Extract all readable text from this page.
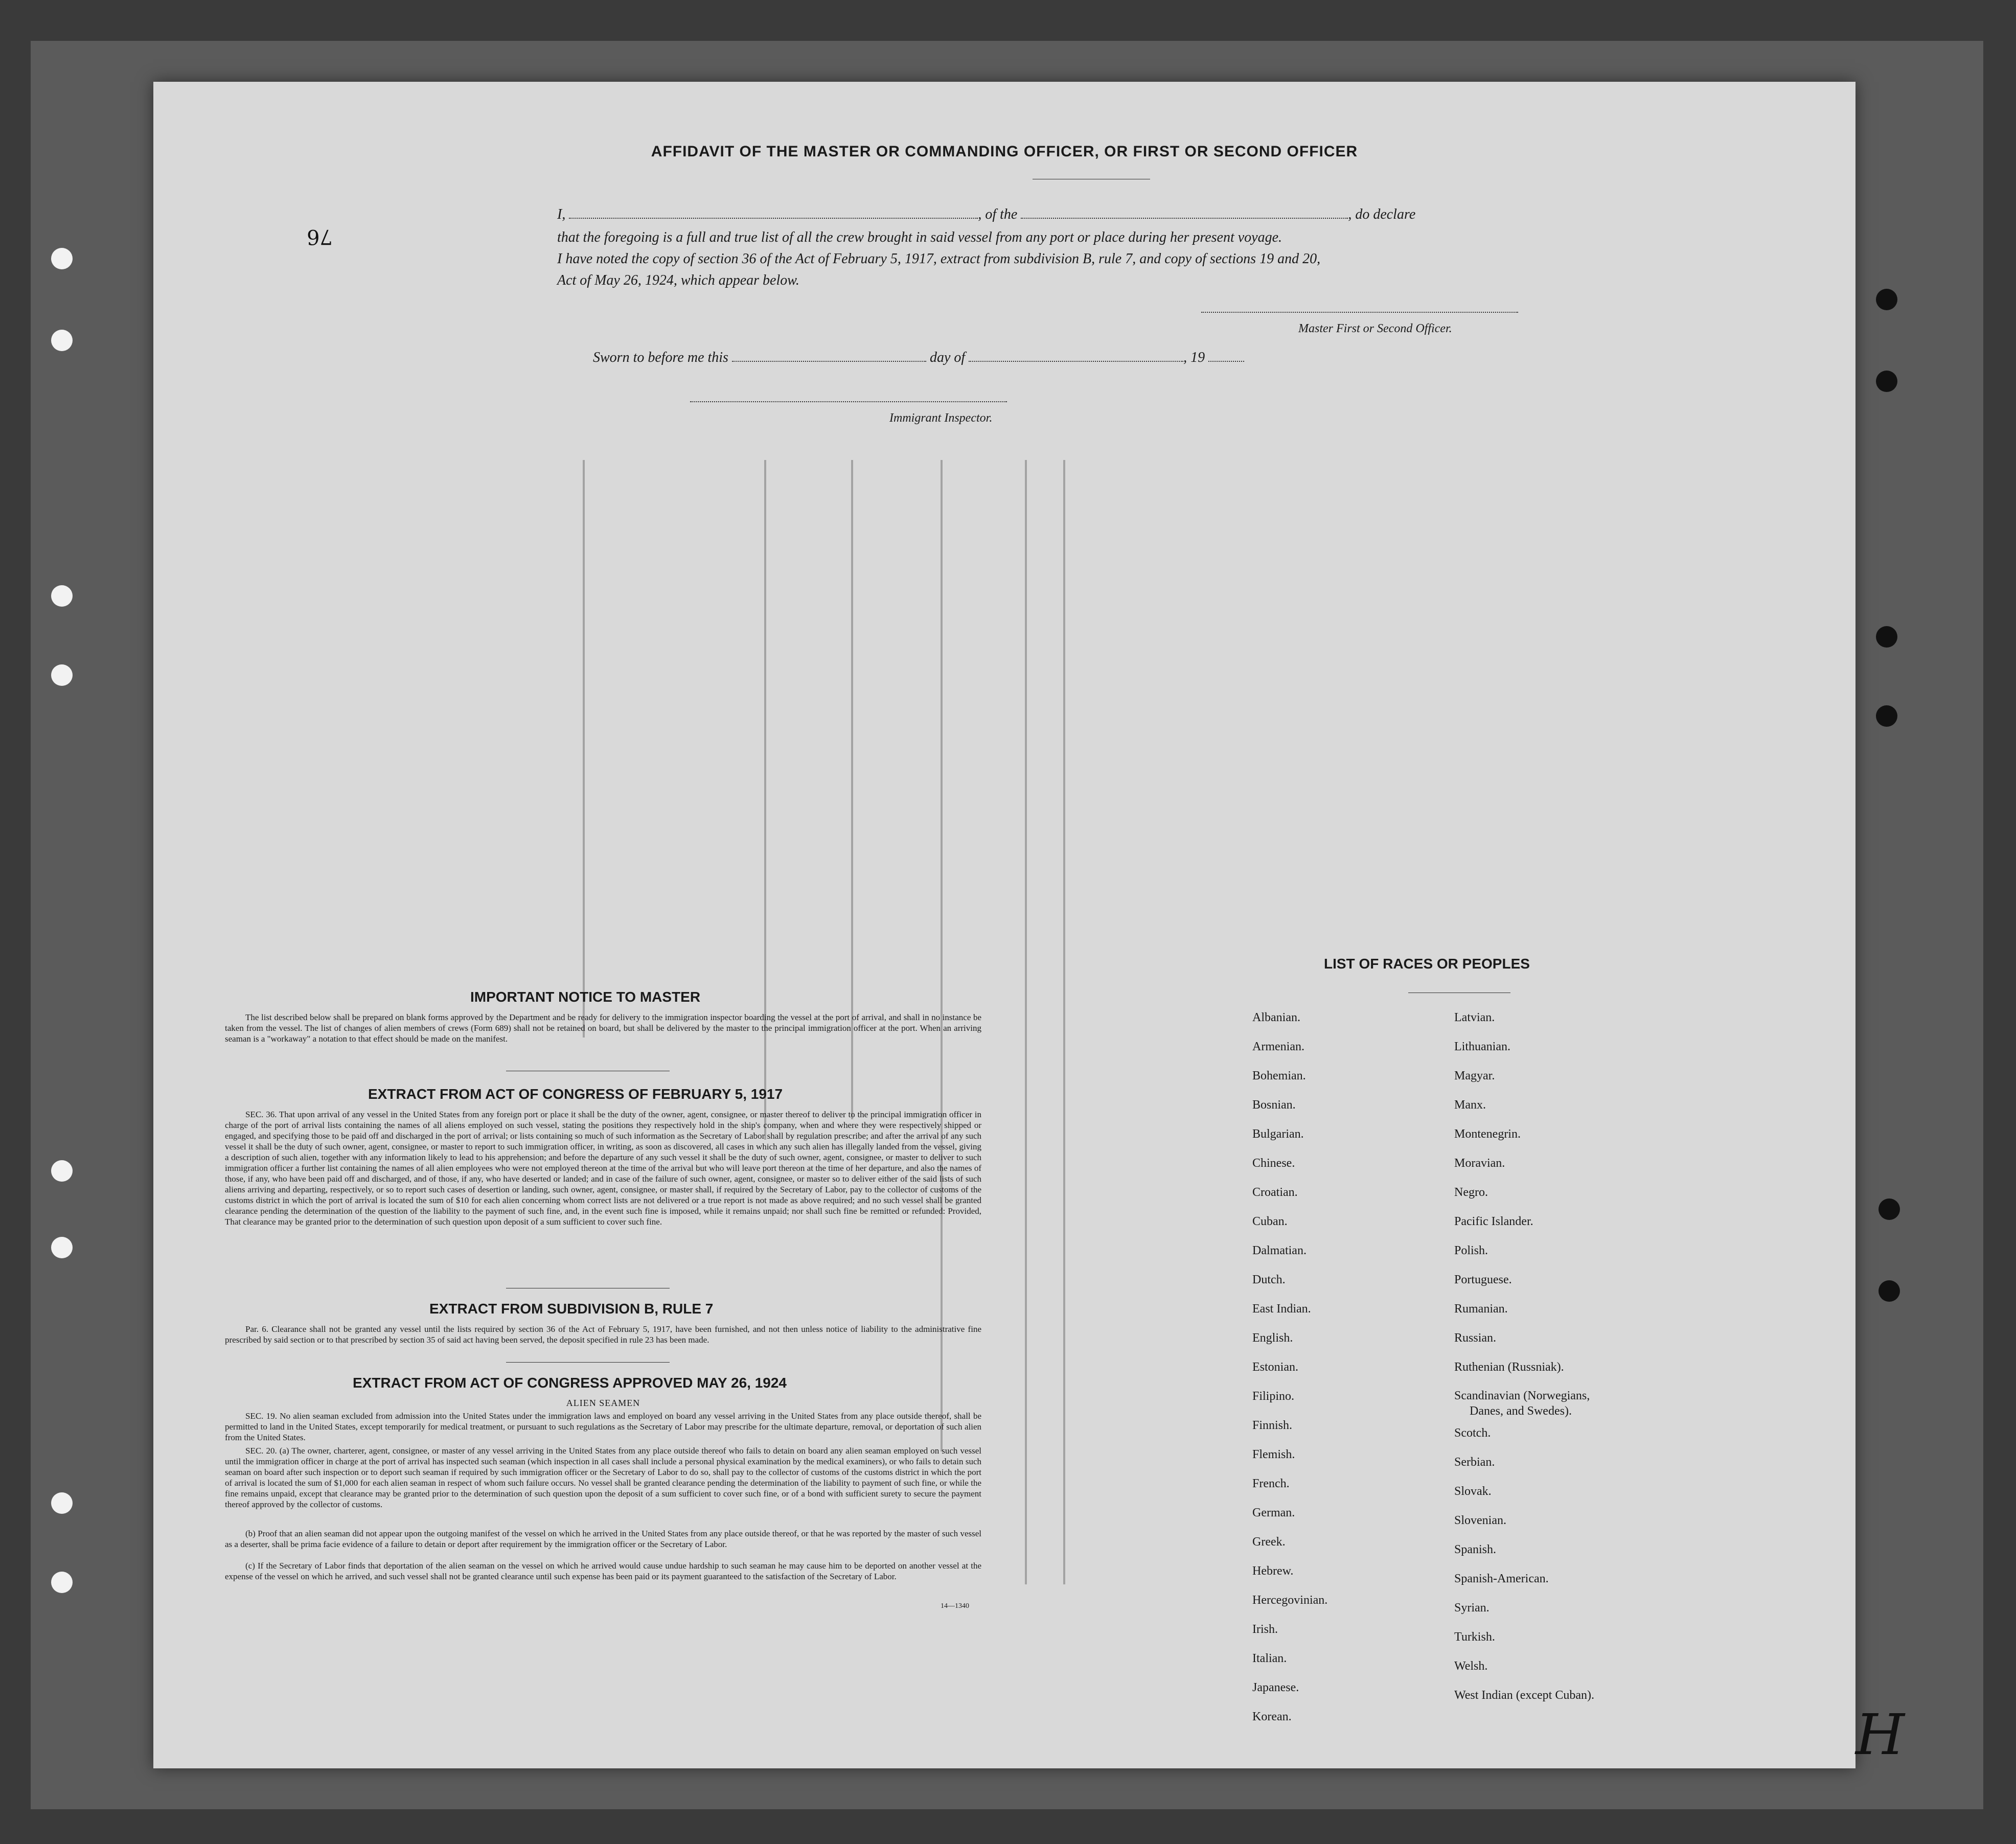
AFFIDAVIT OF THE MASTER OR COMMANDING OFFICER, OR FIRST OR SECOND OFFICER
I,	, of the	, do declare
that the foregoing is a full and true list of all the crew brought in said vessel from any port or place during her present voyage.
I have noted the copy of section 36 of the Act of February 5, 1917, extract from subdivision B, rule 7, and copy of sections 19 and 20,
Act of May 26, 1924, which appear below.
Master First or Second Officer.
Sworn to before me this	day of	, 19
Immigrant Inspector.
IMPORTANT NOTICE TO MASTER
The list described below shall be prepared on blank forms approved by the Department and be ready for delivery to the immigration inspector boarding the vessel at the port of arrival, and shall in no instance be taken from the vessel. The list of changes of alien members of crews (Form 689) shall not be retained on board, but shall be delivered by the master to the principal immigration officer at the port. When an arriving seaman is a "workaway" a notation to that effect should be made on the manifest.
EXTRACT FROM ACT OF CONGRESS OF FEBRUARY 5, 1917
SEC. 36. That upon arrival of any vessel in the United States from any foreign port or place it shall be the duty of the owner, agent, consignee, or master thereof to deliver to the principal immigration officer in charge of the port of arrival lists containing the names of all aliens employed on such vessel, stating the positions they respectively hold in the ship's company, when and where they were respectively shipped or engaged, and specifying those to be paid off and discharged in the port of arrival; or lists containing so much of such information as the Secretary of Labor shall by regulation prescribe; and after the arrival of any such vessel it shall be the duty of such owner, agent, consignee, or master to report to such immigration officer, in writing, as soon as discovered, all cases in which any such alien has illegally landed from the vessel, giving a description of such alien, together with any information likely to lead to his apprehension; and before the departure of any such vessel it shall be the duty of such owner, agent, consignee, or master to deliver to such immigration officer a further list containing the names of all alien employees who were not employed thereon at the time of the arrival but who will leave port thereon at the time of her departure, and also the names of those, if any, who have been paid off and discharged, and of those, if any, who have deserted or landed; and in case of the failure of such owner, agent, consignee, or master so to deliver either of the said lists of such aliens arriving and departing, respectively, or so to report such cases of desertion or landing, such owner, agent, consignee, or master shall, if required by the Secretary of Labor, pay to the collector of customs of the customs district in which the port of arrival is located the sum of $10 for each alien concerning whom correct lists are not delivered or a true report is not made as above required; and no such vessel shall be granted clearance pending the determination of the question of the liability to the payment of such fine, and, in the event such fine is imposed, while it remains unpaid; nor shall such fine be remitted or refunded: Provided, That clearance may be granted prior to the determination of such question upon deposit of a sum sufficient to cover such fine.
EXTRACT FROM SUBDIVISION B, RULE 7
Par. 6. Clearance shall not be granted any vessel until the lists required by section 36 of the Act of February 5, 1917, have been furnished, and not then unless notice of liability to the administrative fine prescribed by said section or to that prescribed by section 35 of said act having been served, the deposit specified in rule 23 has been made.
EXTRACT FROM ACT OF CONGRESS APPROVED MAY 26, 1924
ALIEN SEAMEN
SEC. 19. No alien seaman excluded from admission into the United States under the immigration laws and employed on board any vessel arriving in the United States from any place outside thereof, shall be permitted to land in the United States, except temporarily for medical treatment, or pursuant to such regulations as the Secretary of Labor may prescribe for the ultimate departure, removal, or deportation of such alien from the United States.
SEC. 20. (a) The owner, charterer, agent, consignee, or master of any vessel arriving in the United States from any place outside thereof who fails to detain on board any alien seaman employed on such vessel until the immigration officer in charge at the port of arrival has inspected such seaman (which inspection in all cases shall include a personal physical examination by the medical examiners), or who fails to detain such seaman on board after such inspection or to deport such seaman if required by such immigration officer or the Secretary of Labor to do so, shall pay to the collector of customs of the customs district in which the port of arrival is located the sum of $1,000 for each alien seaman in respect of whom such failure occurs. No vessel shall be granted clearance pending the determination of the liability to payment of such fine, or while the fine remains unpaid, except that clearance may be granted prior to the determination of such question upon the deposit of a sum sufficient to cover such fine, or of a bond with sufficient surety to secure the payment thereof approved by the collector of customs.
(b) Proof that an alien seaman did not appear upon the outgoing manifest of the vessel on which he arrived in the United States from any place outside thereof, or that he was reported by the master of such vessel as a deserter, shall be prima facie evidence of a failure to detain or deport after requirement by the immigration officer or the Secretary of Labor.
(c) If the Secretary of Labor finds that deportation of the alien seaman on the vessel on which he arrived would cause undue hardship to such seaman he may cause him to be deported on another vessel at the expense of the vessel on which he arrived, and such vessel shall not be granted clearance until such expense has been paid or its payment guaranteed to the satisfaction of the Secretary of Labor.
14—1340
LIST OF RACES OR PEOPLES
Albanian.
Armenian.
Bohemian.
Bosnian.
Bulgarian.
Chinese.
Croatian.
Cuban.
Dalmatian.
Dutch.
East Indian.
English.
Estonian.
Filipino.
Finnish.
Flemish.
French.
German.
Greek.
Hebrew.
Hercegovinian.
Irish.
Italian.
Japanese.
Korean.
Latvian.
Lithuanian.
Magyar.
Manx.
Montenegrin.
Moravian.
Negro.
Pacific Islander.
Polish.
Portuguese.
Rumanian.
Russian.
Ruthenian (Russniak).
Scandinavian (Norwegians,
Danes, and Swedes).
Scotch.
Serbian.
Slovak.
Slovenian.
Spanish.
Spanish-American.
Syrian.
Turkish.
Welsh.
West Indian (except Cuban).
76
H
